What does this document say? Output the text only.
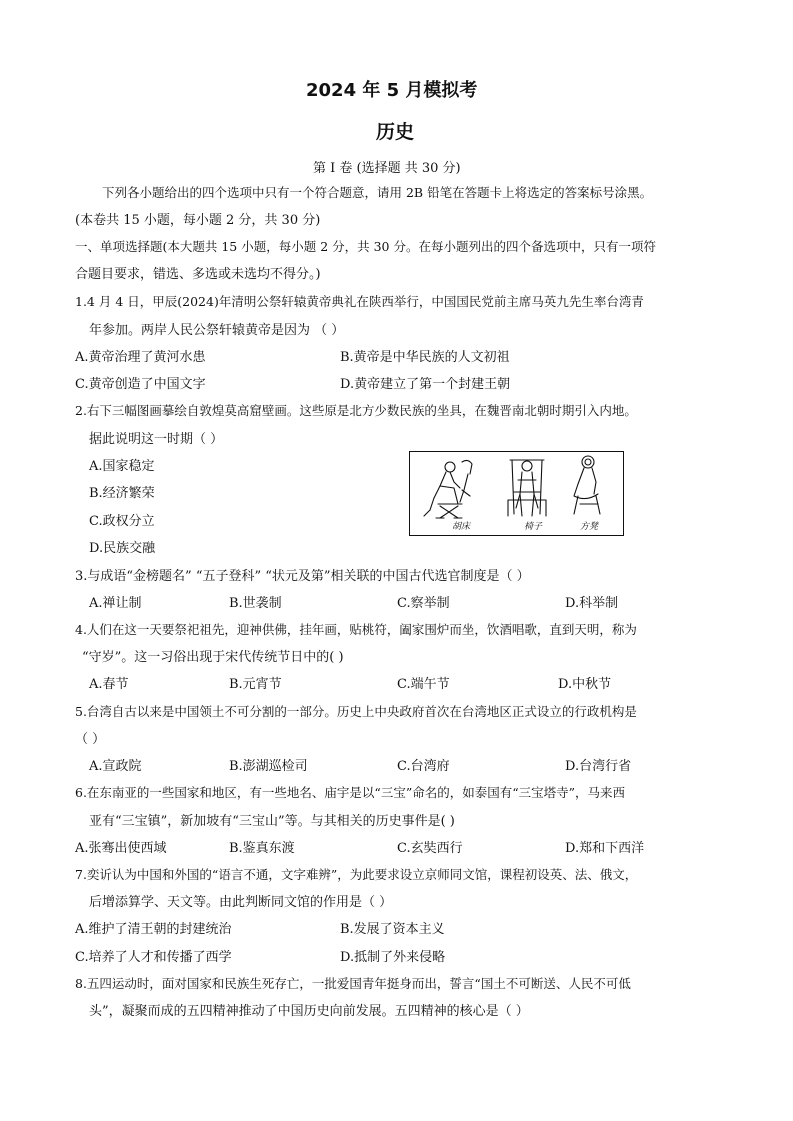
2024 年 5 月模拟考
历史
第 I 卷 (选择题 共 30 分)
下列各小题给出的四个选项中只有一个符合题意，请用 2B 铅笔在答题卡上将选定的答案标号涂黑。
(本卷共 15 小题，每小题 2 分，共 30 分)
一、单项选择题(本大题共 15 小题，每小题 2 分，共 30 分。在每小题列出的四个备选项中，只有一项符
合题目要求，错选、多选或未选均不得分。)
1.4 月 4 日，甲辰(2024)年清明公祭轩辕黄帝典礼在陕西举行，中国国民党前主席马英九先生率台湾青
年参加。两岸人民公祭轩辕黄帝是因为 （ ）
A.黄帝治理了黄河水患	B.黄帝是中华民族的人文初祖
C.黄帝创造了中国文字	D.黄帝建立了第一个封建王朝
2.右下三幅图画摹绘自敦煌莫高窟壁画。这些原是北方少数民族的坐具，在魏晋南北朝时期引入内地。
据此说明这一时期（ ）
A.国家稳定
B.经济繁荣
C.政权分立
D.民族交融
胡床	椅子	方凳
3.与成语“金榜题名” “五子登科” “状元及第”相关联的中国古代选官制度是（ ）
A.禅让制	B.世袭制	C.察举制	D.科举制
4.人们在这一天要祭祀祖先，迎神供佛，挂年画，贴桃符，阖家围炉而坐，饮酒唱歌，直到天明，称为
“守岁”。这一习俗出现于宋代传统节日中的( )
A.春节	B.元宵节	C.端午节	D.中秋节
5.台湾自古以来是中国领土不可分割的一部分。历史上中央政府首次在台湾地区正式设立的行政机构是
（ ）
A.宣政院	B.澎湖巡检司	C.台湾府	D.台湾行省
6.在东南亚的一些国家和地区，有一些地名、庙宇是以“三宝”命名的，如泰国有“三宝塔寺”，马来西
亚有“三宝镇”，新加坡有“三宝山”等。与其相关的历史事件是( )
A.张骞出使西域	B.鉴真东渡	C.玄奘西行	D.郑和下西洋
7.奕䜣认为中国和外国的“语言不通，文字难辨”，为此要求设立京师同文馆，课程初设英、法、俄文，
后增添算学、天文等。由此判断同文馆的作用是（ ）
A.维护了清王朝的封建统治	B.发展了资本主义
C.培养了人才和传播了西学	D.抵制了外来侵略
8.五四运动时，面对国家和民族生死存亡，一批爱国青年挺身而出，誓言“国土不可断送、人民不可低
头”，凝聚而成的五四精神推动了中国历史向前发展。五四精神的核心是（ ）
